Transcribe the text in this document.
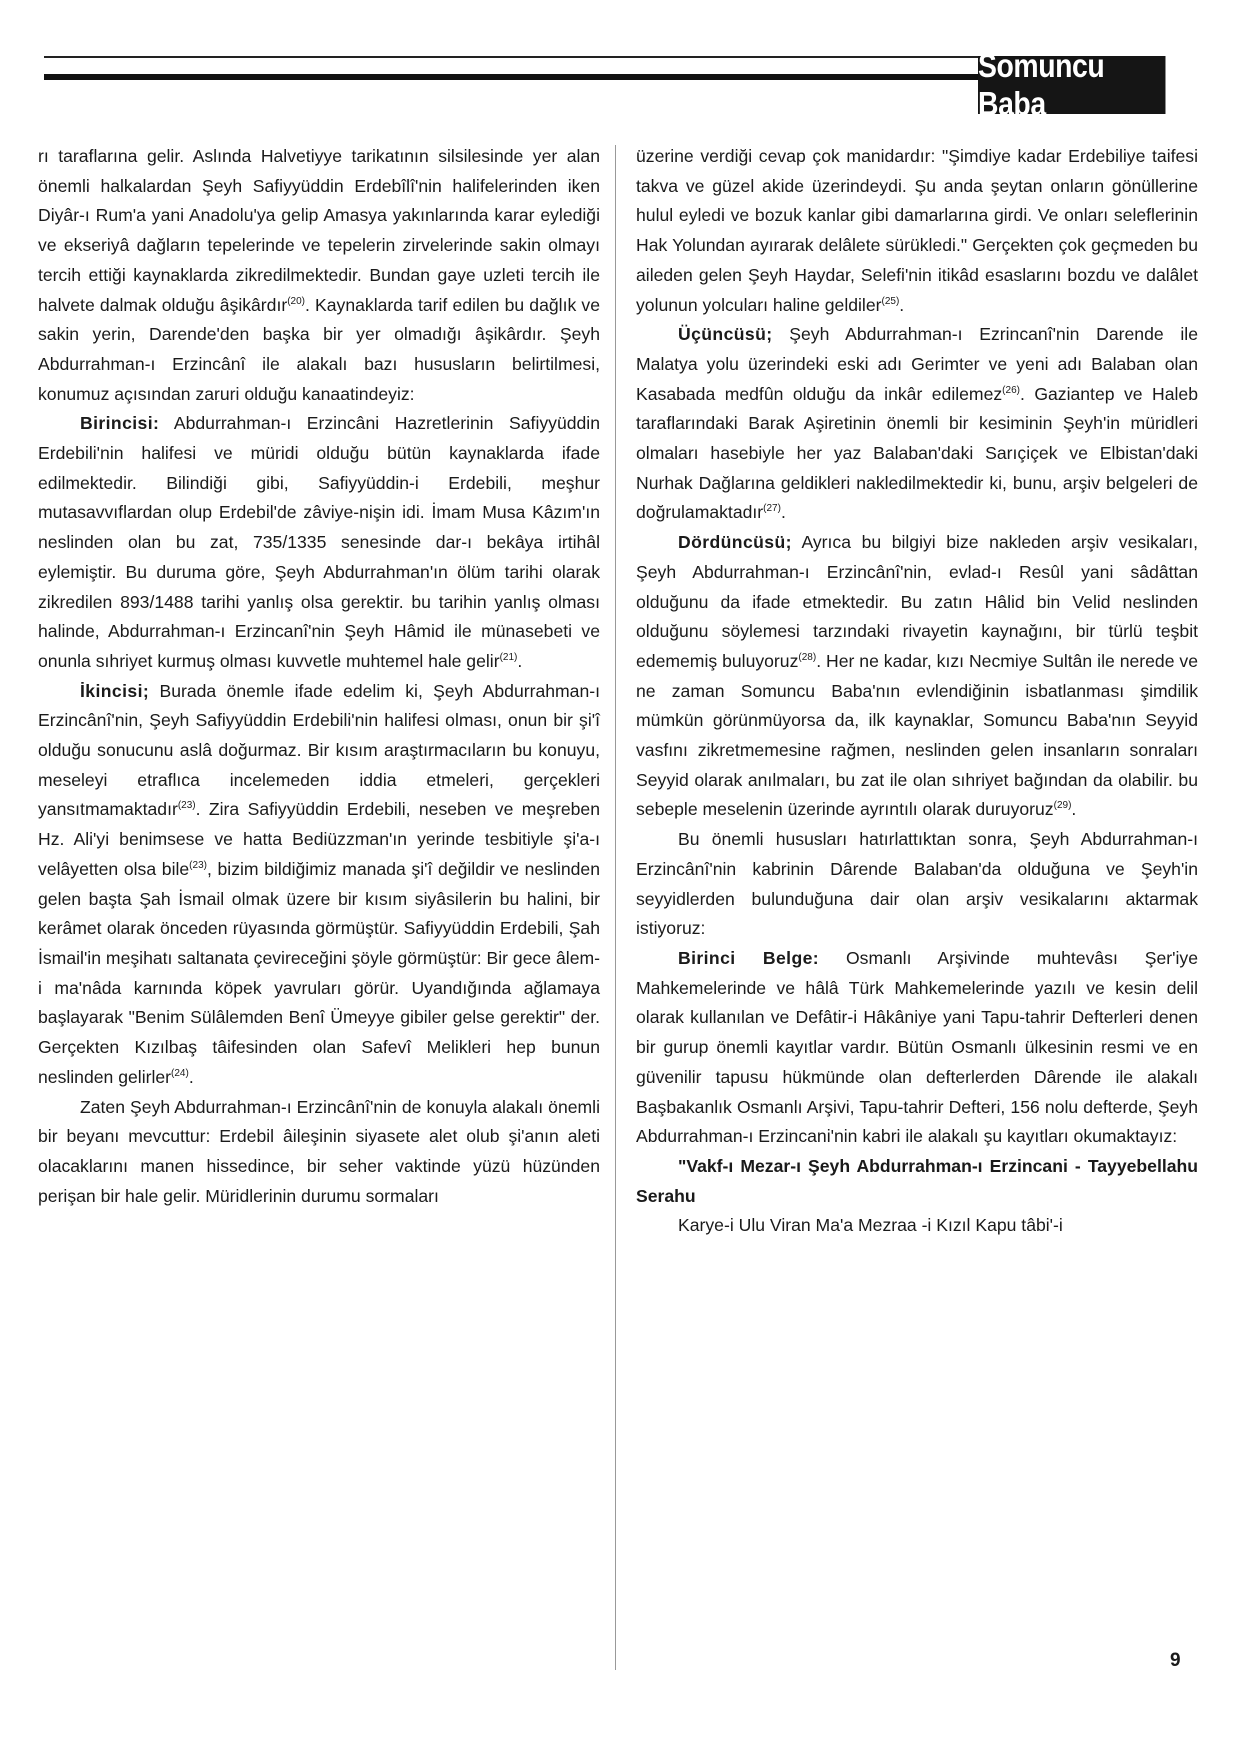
Somuncu Baba

rı taraflarına gelir. Aslında Halvetiyye tarikatının silsilesinde yer alan önemli halkalardan Şeyh Safiyyüddin Erdebîlî'nin halifelerinden iken Diyâr-ı Rum'a yani Anadolu'ya gelip Amasya yakınlarında karar eylediği ve ekseriyâ dağların tepelerinde ve tepelerin zirvelerinde sakin olmayı tercih ettiği kaynaklarda zikredilmektedir. Bundan gaye uzleti tercih ile halvete dalmak olduğu âşikârdır$^{(20)}$. Kaynaklarda tarif edilen bu dağlık ve sakin yerin, Darende'den başka bir yer olmadığı âşikârdır. Şeyh Abdurrahman-ı Erzincânî ile alakalı bazı hususların belirtilmesi, konumuz açısından zaruri olduğu kanaatindeyiz:

Birincisi: Abdurrahman-ı Erzincâni Hazretlerinin Safiyyüddin Erdebili'nin halifesi ve müridi olduğu bütün kaynaklarda ifade edilmektedir. Bilindiği gibi, Safiyyüddin-i Erdebili, meşhur mutasavvıflardan olup Erdebil'de zâviye-nişin idi. İmam Musa Kâzım'ın neslinden olan bu zat, 735/1335 senesinde dar-ı bekâya irtihâl eylemiştir. Bu duruma göre, Şeyh Abdurrahman'ın ölüm tarihi olarak zikredilen 893/1488 tarihi yanlış olsa gerektir. bu tarihin yanlış olması halinde, Abdurrahman-ı Erzincanî'nin Şeyh Hâmid ile münasebeti ve onunla sıhriyet kurmuş olması kuvvetle muhtemel hale gelir$^{(21)}$.

İkincisi; Burada önemle ifade edelim ki, Şeyh Abdurrahman-ı Erzincânî'nin, Şeyh Safiyyüddin Erdebili'nin halifesi olması, onun bir şi'î olduğu sonucunu aslâ doğurmaz. Bir kısım araştırmacıların bu konuyu, meseleyi etraflıca incelemeden iddia etmeleri, gerçekleri yansıtmamaktadır$^{(23)}$. Zira Safiyyüddin Erdebili, neseben ve meşreben Hz. Ali'yi benimsese ve hatta Bediüzzman'ın yerinde tesbitiyle şi'a-ı velâyetten olsa bile$^{(23)}$, bizim bildiğimiz manada şi'î değildir ve neslinden gelen başta Şah İsmail olmak üzere bir kısım siyâsilerin bu halini, bir kerâmet olarak önceden rüyasında görmüştür. Safiyyüddin Erdebili, Şah İsmail'in meşihatı saltanata çevireceğini şöyle görmüştür: Bir gece âlem-i ma'nâda karnında köpek yavruları görür. Uyandığında ağlamaya başlayarak "Benim Sülâlemden Benî Ümeyye gibiler gelse gerektir" der. Gerçekten Kızılbaş tâifesinden olan Safevî Melikleri hep bunun neslinden gelirler$^{(24)}$.

Zaten Şeyh Abdurrahman-ı Erzincânî'nin de konuyla alakalı önemli bir beyanı mevcuttur: Erdebil âileşinin siyasete alet olub şi'anın aleti olacaklarını manen hissedince, bir seher vaktinde yüzü hüzünden perişan bir hale gelir. Müridlerinin durumu sormaları

üzerine verdiği cevap çok manidardır: "Şimdiye kadar Erdebiliye taifesi takva ve güzel akide üzerindeydi. Şu anda şeytan onların gönüllerine hulul eyledi ve bozuk kanlar gibi damarlarına girdi. Ve onları seleflerinin Hak Yolundan ayırarak delâlete sürükledi." Gerçekten çok geçmeden bu aileden gelen Şeyh Haydar, Selefi'nin itikâd esaslarını bozdu ve dalâlet yolunun yolcuları haline geldiler$^{(25)}$.

Üçüncüsü; Şeyh Abdurrahman-ı Ezrincanî'nin Darende ile Malatya yolu üzerindeki eski adı Gerimter ve yeni adı Balaban olan Kasabada medfûn olduğu da inkâr edilemez$^{(26)}$. Gaziantep ve Haleb taraflarındaki Barak Aşiretinin önemli bir kesiminin Şeyh'in müridleri olmaları hasebiyle her yaz Balaban'daki Sarıçiçek ve Elbistan'daki Nurhak Dağlarına geldikleri nakledilmektedir ki, bunu, arşiv belgeleri de doğrulamaktadır$^{(27)}$.

Dördüncüsü; Ayrıca bu bilgiyi bize nakleden arşiv vesikaları, Şeyh Abdurrahman-ı Erzincânî'nin, evlad-ı Resûl yani sâdâttan olduğunu da ifade etmektedir. Bu zatın Hâlid bin Velid neslinden olduğunu söylemesi tarzındaki rivayetin kaynağını, bir türlü teşbit edememiş buluyoruz$^{(28)}$. Her ne kadar, kızı Necmiye Sultân ile nerede ve ne zaman Somuncu Baba'nın evlendiğinin isbatlanması şimdilik mümkün görünmüyorsa da, ilk kaynaklar, Somuncu Baba'nın Seyyid vasfını zikretmemesine rağmen, neslinden gelen insanların sonraları Seyyid olarak anılmaları, bu zat ile olan sıhriyet bağından da olabilir. bu sebeple meselenin üzerinde ayrıntılı olarak duruyoruz$^{(29)}$.

Bu önemli hususları hatırlattıktan sonra, Şeyh Abdurrahman-ı Erzincânî'nin kabrinin Dârende Balaban'da olduğuna ve Şeyh'in seyyidlerden bulunduğuna dair olan arşiv vesikalarını aktarmak istiyoruz:

Birinci Belge: Osmanlı Arşivinde muhtevâsı Şer'iye Mahkemelerinde ve hâlâ Türk Mahkemelerinde yazılı ve kesin delil olarak kullanılan ve Defâtir-i Hâkâniye yani Tapu-tahrir Defterleri denen bir gurup önemli kayıtlar vardır. Bütün Osmanlı ülkesinin resmi ve en güvenilir tapusu hükmünde olan defterlerden Dârende ile alakalı Başbakanlık Osmanlı Arşivi, Tapu-tahrir Defteri, 156 nolu defterde, Şeyh Abdurrahman-ı Erzincani'nin kabri ile alakalı şu kayıtları okumaktayız:

"Vakf-ı Mezar-ı Şeyh Abdurrahman-ı Erzincani - Tayyebellahu Serahu

Karye-i Ulu Viran Ma'a Mezraa -i Kızıl Kapu tâbi'-i

9
